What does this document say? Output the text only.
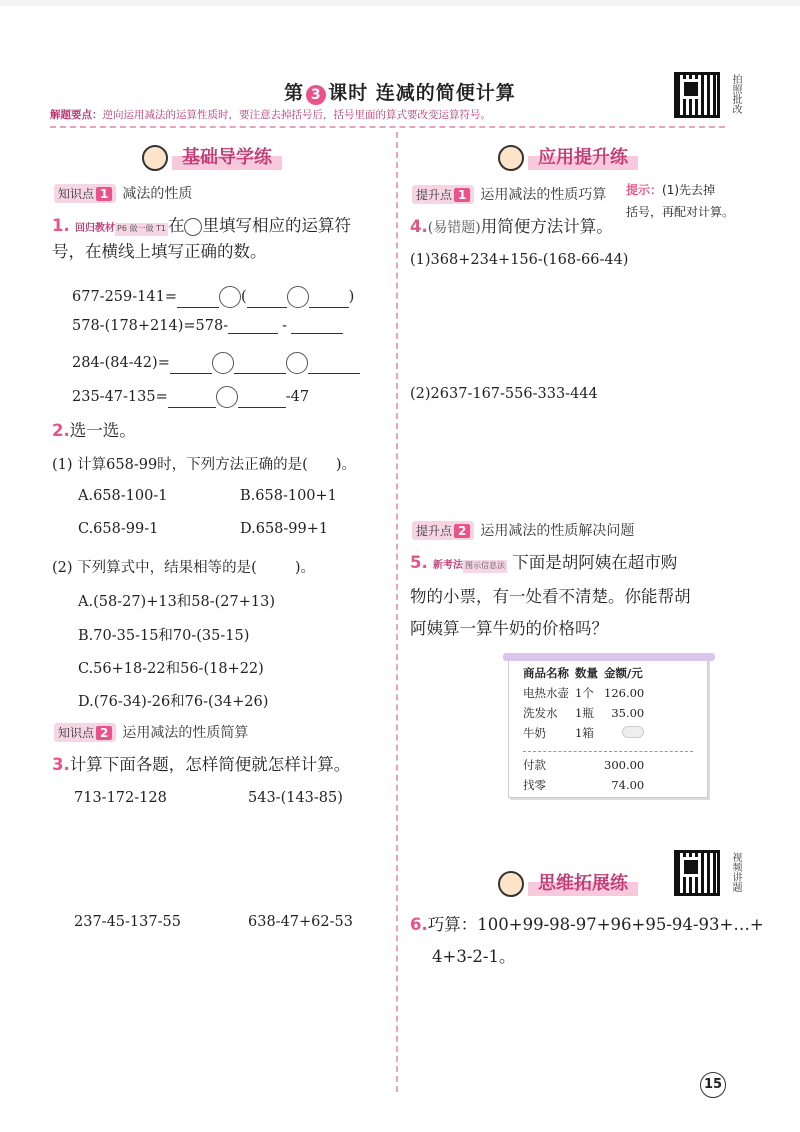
第 3 课时 连减的简便计算	拍照批改
解题要点：逆向运用减法的运算性质时，要注意去掉括号后，括号里面的算式要改变运算符号。
基础导学练
知识点 1 减法的性质
1. 回归教材 P6 做一做 T1 在 里填写相应的运算符号，在横线上填写正确的数。
677-259-141=	(	)
578-(178+214)=578-	-
284-(84-42)=
235-47-135=	-47
2.选一选。
(1) 计算658-99时，下列方法正确的是( )。
A.658-100-1	B.658-100+1
C.658-99-1	D.658-99+1
(2) 下列算式中，结果相等的是(	)。
A.(58-27)+13和58-(27+13)
B.70-35-15和70-(35-15)
C.56+18-22和56-(18+22)
D.(76-34)-26和76-(34+26)
知识点 2 运用减法的性质简算
3.计算下面各题，怎样简便就怎样计算。
713-172-128	543-(143-85)
237-45-137-55	638-47+62-53
应用提升练
提升点 1 运用减法的性质巧算 提示：(1)先去掉
括号，再配对计算。
4.(易错题)用简便方法计算。
(1)368+234+156-(168-66-44)
(2)2637-167-556-333-444
提升点 2 运用减法的性质解决问题
5. 新考法 图示信息法 下面是胡阿姨在超市购
物的小票，有一处看不清楚。你能帮胡
阿姨算一算牛奶的价格吗？
商品名称	数量	金额/元
电热水壶	1个	126.00
洗发水	1瓶	35.00
牛奶	1箱	

付款		300.00
找零		74.00
思维拓展练	视频讲题
6.巧算：100+99-98-97+96+95-94-93+…+
4+3-2-1。
15
